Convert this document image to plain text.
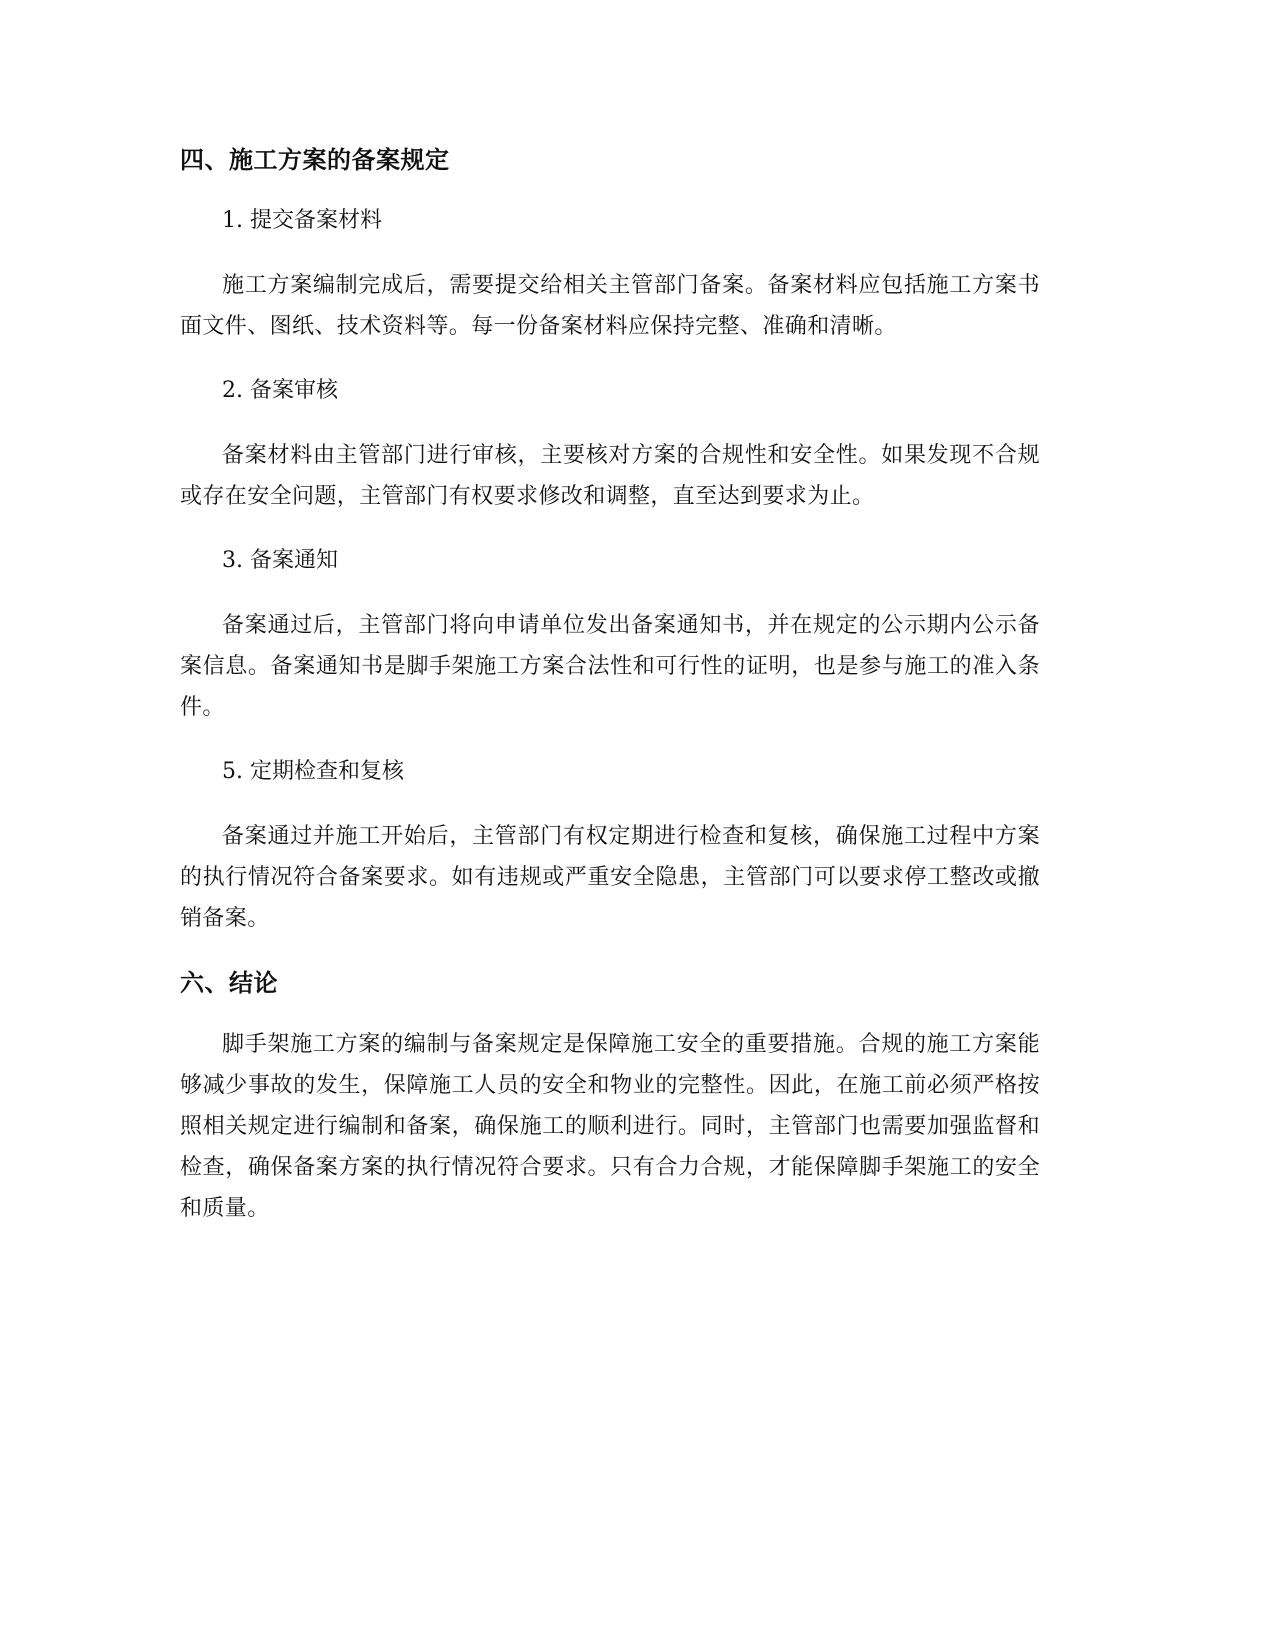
四、施工方案的备案规定
1. 提交备案材料

施工方案编制完成后，需要提交给相关主管部门备案。备案材料应包括施工方案书面文件、图纸、技术资料等。每一份备案材料应保持完整、准确和清晰。

2. 备案审核

备案材料由主管部门进行审核，主要核对方案的合规性和安全性。如果发现不合规或存在安全问题，主管部门有权要求修改和调整，直至达到要求为止。

3. 备案通知

备案通过后，主管部门将向申请单位发出备案通知书，并在规定的公示期内公示备案信息。备案通知书是脚手架施工方案合法性和可行性的证明，也是参与施工的准入条件。

5. 定期检查和复核

备案通过并施工开始后，主管部门有权定期进行检查和复核，确保施工过程中方案的执行情况符合备案要求。如有违规或严重安全隐患，主管部门可以要求停工整改或撤销备案。

六、结论

脚手架施工方案的编制与备案规定是保障施工安全的重要措施。合规的施工方案能够减少事故的发生，保障施工人员的安全和物业的完整性。因此，在施工前必须严格按照相关规定进行编制和备案，确保施工的顺利进行。同时，主管部门也需要加强监督和检查，确保备案方案的执行情况符合要求。只有合力合规，才能保障脚手架施工的安全和质量。
